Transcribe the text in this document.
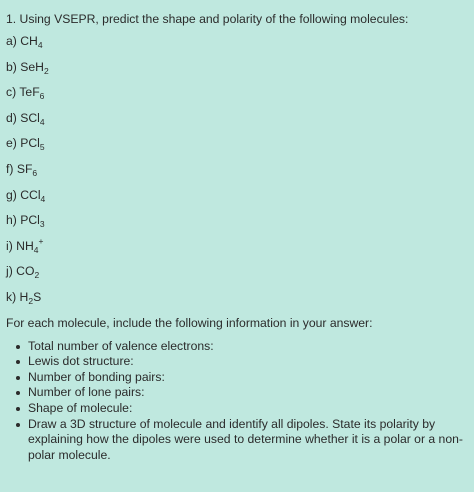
1. Using VSEPR, predict the shape and polarity of the following molecules:

a) $CH_4$
b) SeH$_2$
c) TeF$_6$
d) SCl$_4$
e) PCl$_5$
f) $SF_6$
g) CCl$_4$
h) PCl$_3$
i) $NH_4^+$
j) $CO_2$
k) $H_2S$

For each molecule, include the following information in your answer:

Total number of valence electrons:
Lewis dot structure:
Number of bonding pairs:
Number of lone pairs:
Shape of molecule:
Draw a 3D structure of molecule and identify all dipoles. State its polarity by explaining how the dipoles were used to determine whether it is a polar or a non-polar molecule.
